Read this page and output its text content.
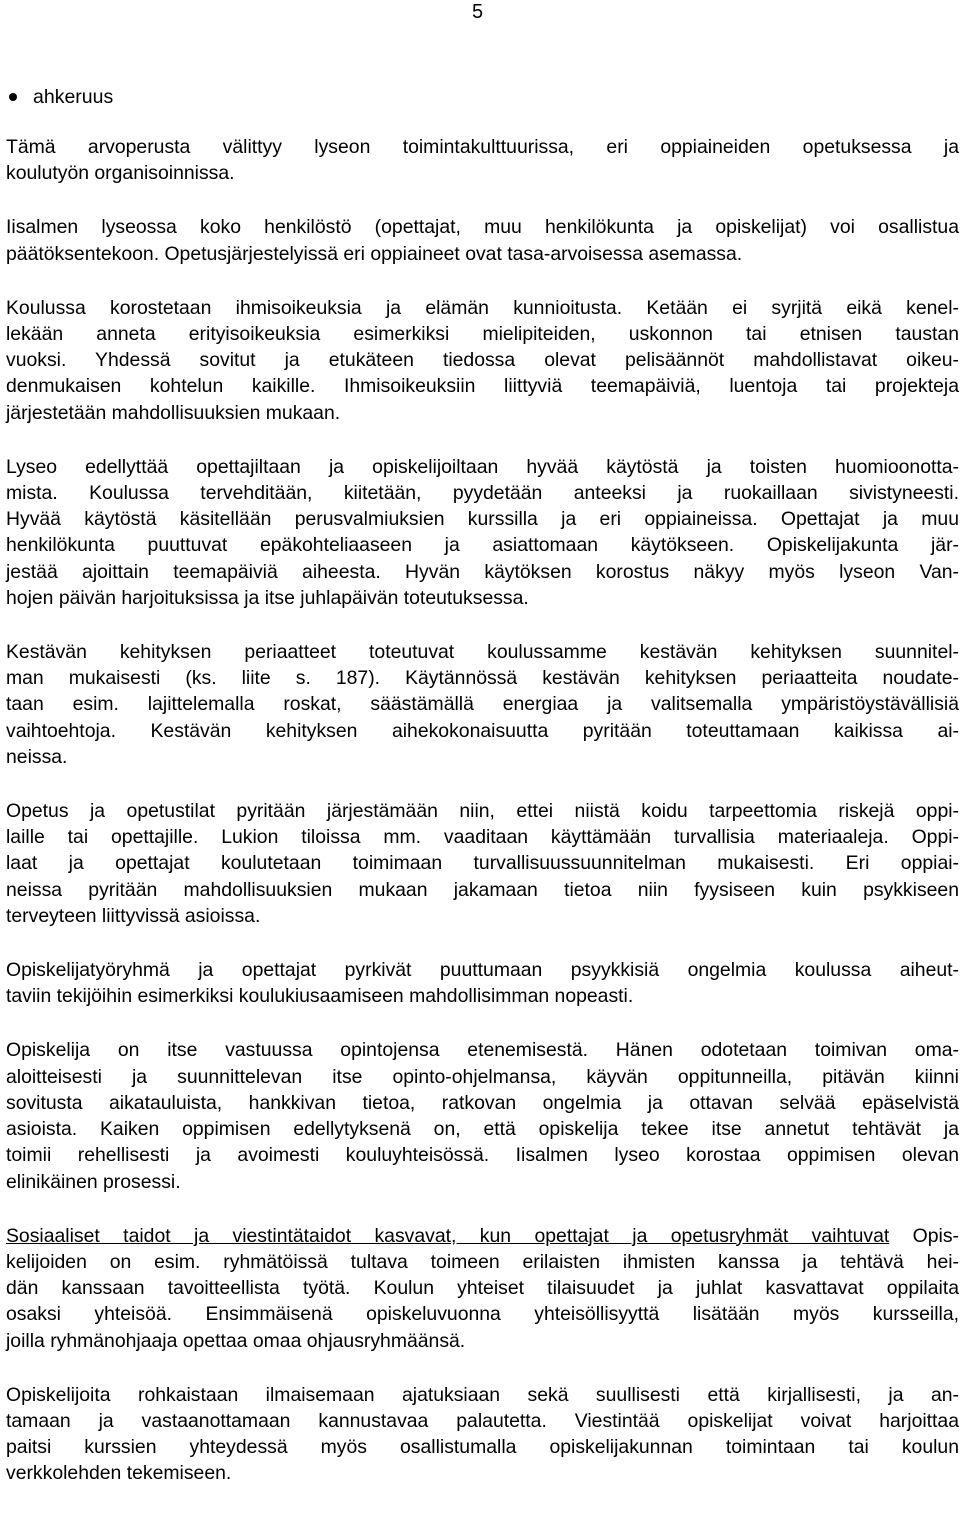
5
ahkeruus

Tämä arvoperusta välittyy lyseon toimintakulttuurissa, eri oppiaineiden opetuksessa ja
koulutyön organisoinnissa.

Iisalmen lyseossa koko henkilöstö (opettajat, muu henkilökunta ja opiskelijat) voi osallistua
päätöksentekoon. Opetusjärjestelyissä eri oppiaineet ovat tasa-arvoisessa asemassa.

Koulussa korostetaan ihmisoikeuksia ja elämän kunnioitusta. Ketään ei syrjitä eikä kenel-
lekään anneta erityisoikeuksia esimerkiksi mielipiteiden, uskonnon tai etnisen taustan
vuoksi. Yhdessä sovitut ja etukäteen tiedossa olevat pelisäännöt mahdollistavat oikeu-
denmukaisen kohtelun kaikille. Ihmisoikeuksiin liittyviä teemapäiviä, luentoja tai projekteja
järjestetään mahdollisuuksien mukaan.

Lyseo edellyttää opettajiltaan ja opiskelijoiltaan hyvää käytöstä ja toisten huomioonotta-
mista. Koulussa tervehditään, kiitetään, pyydetään anteeksi ja ruokaillaan sivistyneesti.
Hyvää käytöstä käsitellään perusvalmiuksien kurssilla ja eri oppiaineissa. Opettajat ja muu
henkilökunta puuttuvat epäkohteliaaseen ja asiattomaan käytökseen. Opiskelijakunta jär-
jestää ajoittain teemapäiviä aiheesta. Hyvän käytöksen korostus näkyy myös lyseon Van-
hojen päivän harjoituksissa ja itse juhlapäivän toteutuksessa.

Kestävän kehityksen periaatteet toteutuvat koulussamme kestävän kehityksen suunnitel-
man mukaisesti (ks. liite s. 187). Käytännössä kestävän kehityksen periaatteita noudate-
taan esim. lajittelemalla roskat, säästämällä energiaa ja valitsemalla ympäristöystävällisiä
vaihtoehtoja. Kestävän kehityksen aihekokonaisuutta pyritään toteuttamaan kaikissa ai-
neissa.

Opetus ja opetustilat pyritään järjestämään niin, ettei niistä koidu tarpeettomia riskejä oppi-
laille tai opettajille. Lukion tiloissa mm. vaaditaan käyttämään turvallisia materiaaleja. Oppi-
laat ja opettajat koulutetaan toimimaan turvallisuussuunnitelman mukaisesti. Eri oppiai-
neissa pyritään mahdollisuuksien mukaan jakamaan tietoa niin fyysiseen kuin psykkiseen
terveyteen liittyvissä asioissa.

Opiskelijatyöryhmä ja opettajat pyrkivät puuttumaan psyykkisiä ongelmia koulussa aiheut-
taviin tekijöihin esimerkiksi koulukiusaamiseen mahdollisimman nopeasti.

Opiskelija on itse vastuussa opintojensa etenemisestä. Hänen odotetaan toimivan oma-
aloitteisesti ja suunnittelevan itse opinto-ohjelmansa, käyvän oppitunneilla, pitävän kiinni
sovitusta aikatauluista, hankkivan tietoa, ratkovan ongelmia ja ottavan selvää epäselvistä
asioista. Kaiken oppimisen edellytyksenä on, että opiskelija tekee itse annetut tehtävät ja
toimii rehellisesti ja avoimesti kouluyhteisössä. Iisalmen lyseo korostaa oppimisen olevan
elinikäinen prosessi.

Sosiaaliset taidot ja viestintätaidot kasvavat, kun opettajat ja opetusryhmät vaihtuvat Opis-
kelijoiden on esim. ryhmätöissä tultava toimeen erilaisten ihmisten kanssa ja tehtävä hei-
dän kanssaan tavoitteellista työtä. Koulun yhteiset tilaisuudet ja juhlat kasvattavat oppilaita
osaksi yhteisöä. Ensimmäisenä opiskeluvuonna yhteisöllisyyttä lisätään myös kursseilla,
joilla ryhmänohjaaja opettaa omaa ohjausryhmäänsä.

Opiskelijoita rohkaistaan ilmaisemaan ajatuksiaan sekä suullisesti että kirjallisesti, ja an-
tamaan ja vastaanottamaan kannustavaa palautetta. Viestintää opiskelijat voivat harjoittaa
paitsi kurssien yhteydessä myös osallistumalla opiskelijakunnan toimintaan tai koulun
verkkolehden tekemiseen.
